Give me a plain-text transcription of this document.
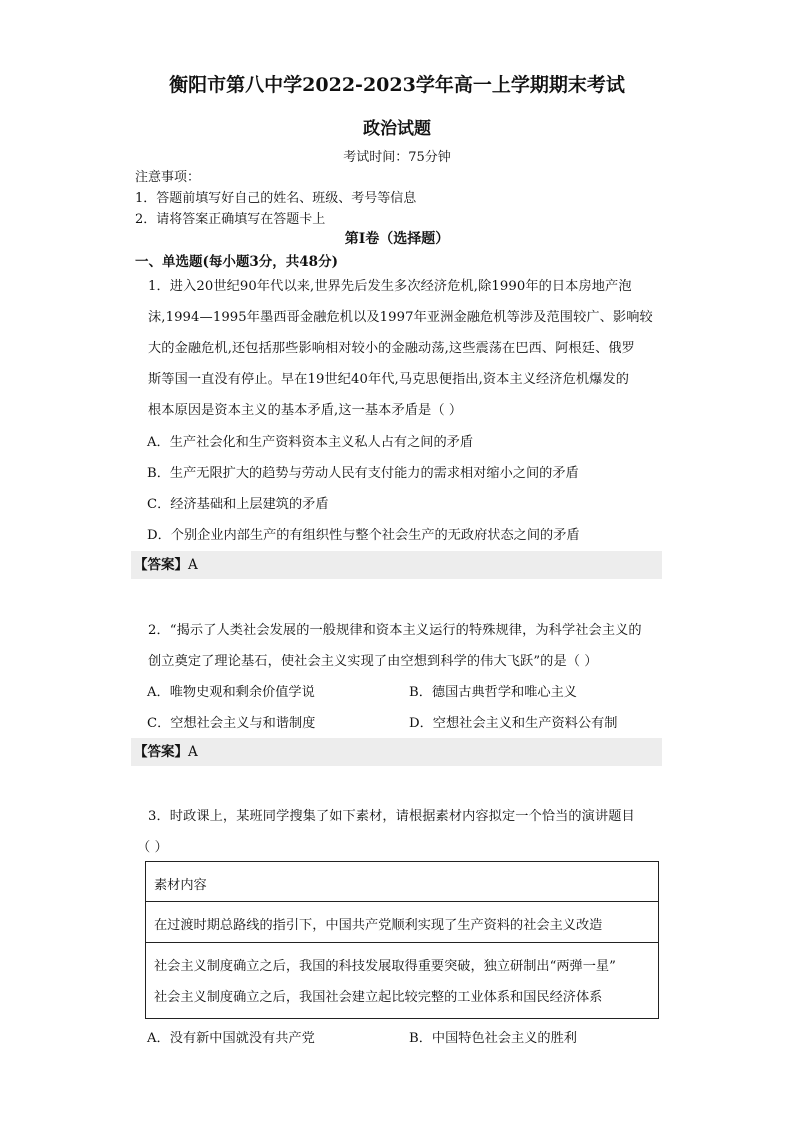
衡阳市第八中学2022-2023学年高一上学期期末考试
政治试题
考试时间：75分钟
注意事项：
1．答题前填写好自己的姓名、班级、考号等信息
2．请将答案正确填写在答题卡上
第I卷（选择题）
一、单选题(每小题3分，共48分)
1．进入20世纪90年代以来,世界先后发生多次经济危机,除1990年的日本房地产泡
沫,1994—1995年墨西哥金融危机以及1997年亚洲金融危机等涉及范围较广、影响较
大的金融危机,还包括那些影响相对较小的金融动荡,这些震荡在巴西、阿根廷、俄罗
斯等国一直没有停止。早在19世纪40年代,马克思便指出,资本主义经济危机爆发的
根本原因是资本主义的基本矛盾,这一基本矛盾是（ ）
A．生产社会化和生产资料资本主义私人占有之间的矛盾
B．生产无限扩大的趋势与劳动人民有支付能力的需求相对缩小之间的矛盾
C．经济基础和上层建筑的矛盾
D．个别企业内部生产的有组织性与整个社会生产的无政府状态之间的矛盾
【答案】A
2．“揭示了人类社会发展的一般规律和资本主义运行的特殊规律，为科学社会主义的
创立奠定了理论基石，使社会主义实现了由空想到科学的伟大飞跃”的是（ ）
A．唯物史观和剩余价值学说	B．德国古典哲学和唯心主义
C．空想社会主义与和谐制度	D．空想社会主义和生产资料公有制
【答案】A
3．时政课上，某班同学搜集了如下素材，请根据素材内容拟定一个恰当的演讲题目
（ ）
素材内容
在过渡时期总路线的指引下，中国共产党顺利实现了生产资料的社会主义改造
社会主义制度确立之后，我国的科技发展取得重要突破，独立研制出“两弹一星”
社会主义制度确立之后，我国社会建立起比较完整的工业体系和国民经济体系
A．没有新中国就没有共产党	B．中国特色社会主义的胜利
